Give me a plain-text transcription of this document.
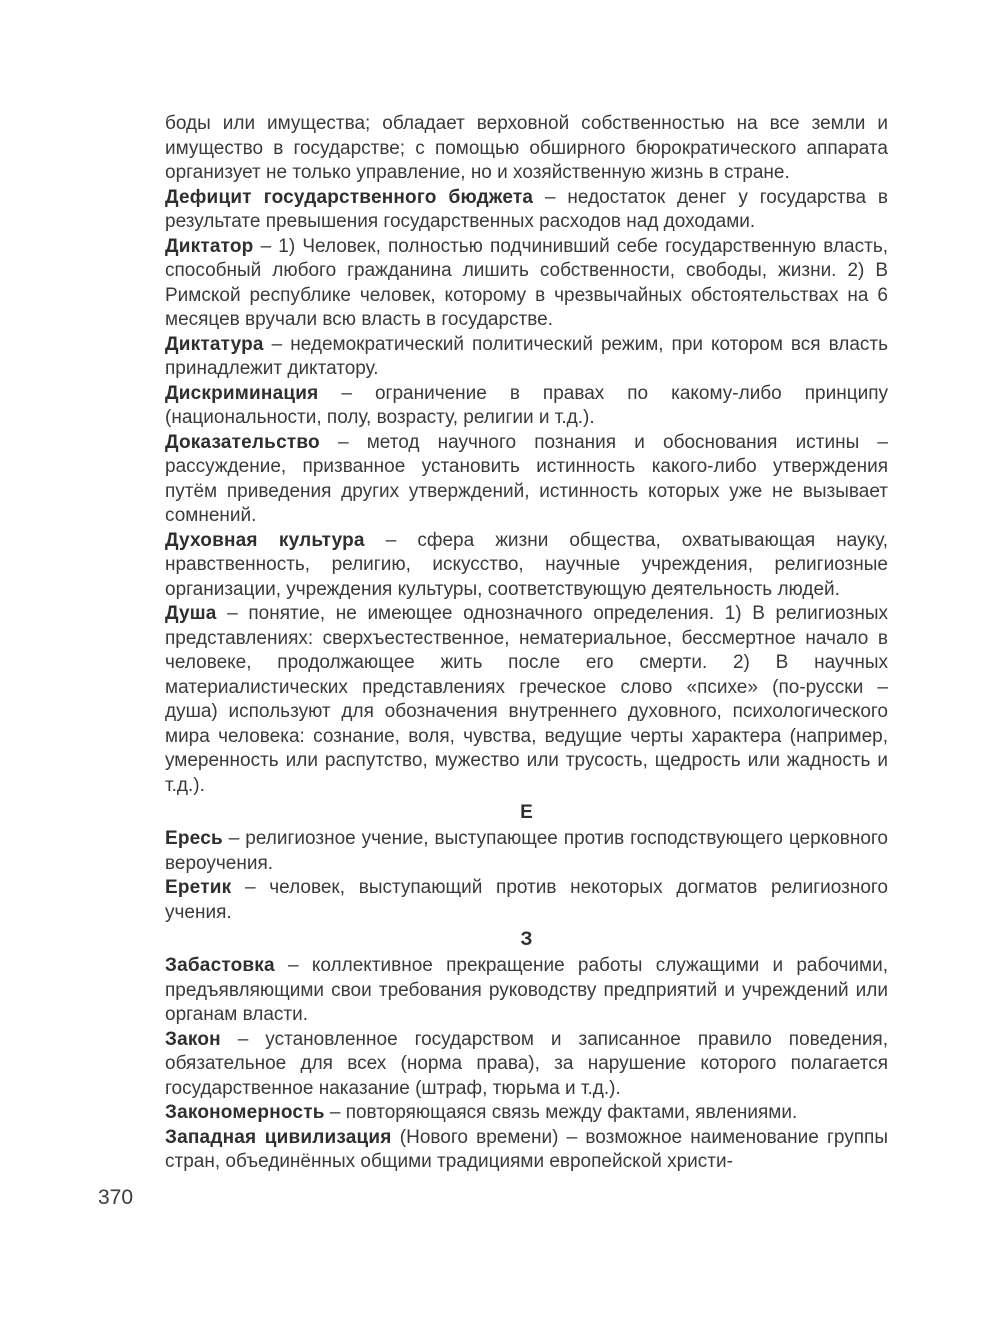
боды или имущества; обладает верховной собственностью на все земли и имущество в государстве; с помощью обширного бюрократического аппарата организует не только управление, но и хозяйственную жизнь в стране.

Дефицит государственного бюджета – недостаток денег у государства в результате превышения государственных расходов над доходами.

Диктатор – 1) Человек, полностью подчинивший себе государственную власть, способный любого гражданина лишить собственности, свободы, жизни. 2) В Римской республике человек, которому в чрезвычайных обстоятельствах на 6 месяцев вручали всю власть в государстве.

Диктатура – недемократический политический режим, при котором вся власть принадлежит диктатору.

Дискриминация – ограничение в правах по какому-либо принципу (национальности, полу, возрасту, религии и т.д.).

Доказательство – метод научного познания и обоснования истины – рассуждение, призванное установить истинность какого-либо утверждения путём приведения других утверждений, истинность которых уже не вызывает сомнений.

Духовная культура – сфера жизни общества, охватывающая науку, нравственность, религию, искусство, научные учреждения, религиозные организации, учреждения культуры, соответствующую деятельность людей.

Душа – понятие, не имеющее однозначного определения. 1) В религиозных представлениях: сверхъестественное, нематериальное, бессмертное начало в человеке, продолжающее жить после его смерти. 2) В научных материалистических представлениях греческое слово «психе» (по-русски – душа) используют для обозначения внутреннего духовного, психологического мира человека: сознание, воля, чувства, ведущие черты характера (например, умеренность или распутство, мужество или трусость, щедрость или жадность и т.д.).

Е

Ересь – религиозное учение, выступающее против господствующего церковного вероучения.

Еретик – человек, выступающий против некоторых догматов религиозного учения.

З

Забастовка – коллективное прекращение работы служащими и рабочими, предъявляющими свои требования руководству предприятий и учреждений или органам власти.

Закон – установленное государством и записанное правило поведения, обязательное для всех (норма права), за нарушение которого полагается государственное наказание (штраф, тюрьма и т.д.).

Закономерность – повторяющаяся связь между фактами, явлениями.

Западная цивилизация (Нового времени) – возможное наименование группы стран, объединённых общими традициями европейской христи-

370
